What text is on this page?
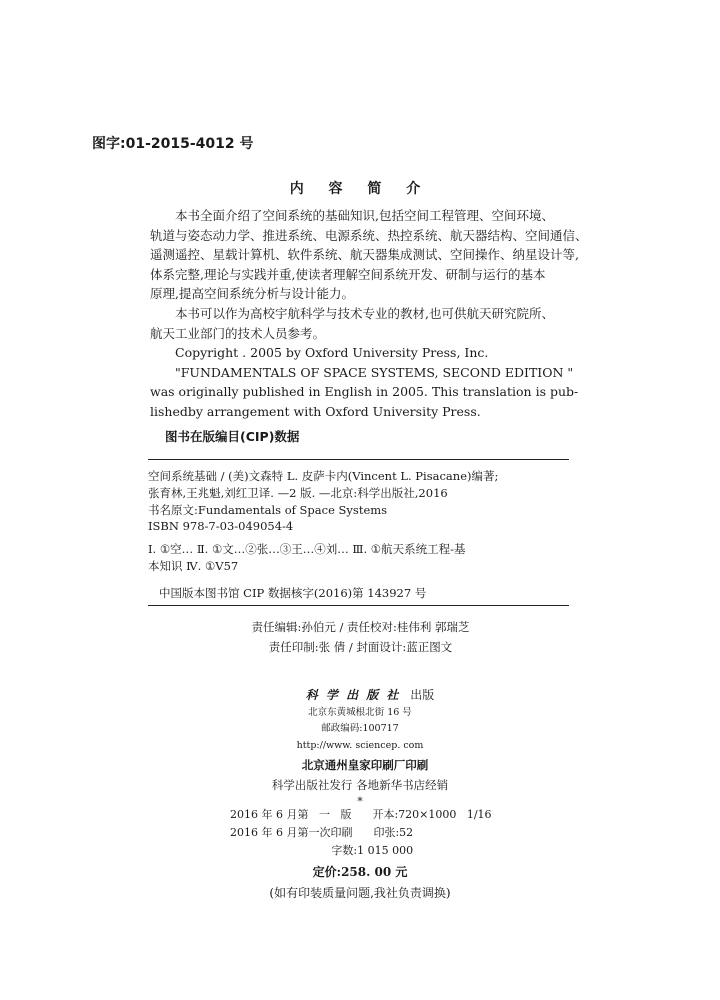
图字:01-2015-4012 号
内 容 简 介
本书全面介绍了空间系统的基础知识,包括空间工程管理、空间环境、
轨道与姿态动力学、推进系统、电源系统、热控系统、航天器结构、空间通信、
遥测遥控、星载计算机、软件系统、航天器集成测试、空间操作、纳星设计等,
体系完整,理论与实践并重,使读者理解空间系统开发、研制与运行的基本
原理,提高空间系统分析与设计能力。
本书可以作为高校宇航科学与技术专业的教材,也可供航天研究院所、
航天工业部门的技术人员参考。
Copyright . 2005 by Oxford University Press, Inc.
"FUNDAMENTALS OF SPACE SYSTEMS, SECOND EDITION "
was originally published in English in 2005. This translation is pub-
lishedby arrangement with Oxford University Press.
图书在版编目(CIP)数据
空间系统基础 / (美)文森特 L. 皮萨卡内(Vincent L. Pisacane)编著;
张育林,王兆魁,刘红卫译. —2 版. —北京:科学出版社,2016
书名原文:Fundamentals of Space Systems
ISBN 978-7-03-049054-4
Ⅰ. ①空… Ⅱ. ①文…②张…③王…④刘… Ⅲ. ①航天系统工程-基
本知识 Ⅳ. ①V57
中国版本图书馆 CIP 数据核字(2016)第 143927 号
责任编辑:孙伯元 / 责任校对:桂伟利 郭瑞芝
责任印制:张 倩 / 封面设计:蓝正图文
科 学 出 版 社 出版
北京东黄城根北街 16 号
邮政编码:100717
http://www. sciencep. com
北京通州皇家印刷厂印刷
科学出版社发行 各地新华书店经销
*
2016 年 6 月第   一   版      开本:720×1000   1/16
2016 年 6 月第一次印刷      印张:52
字数:1 015 000
定价:258. 00 元
(如有印装质量问题,我社负责调换)
